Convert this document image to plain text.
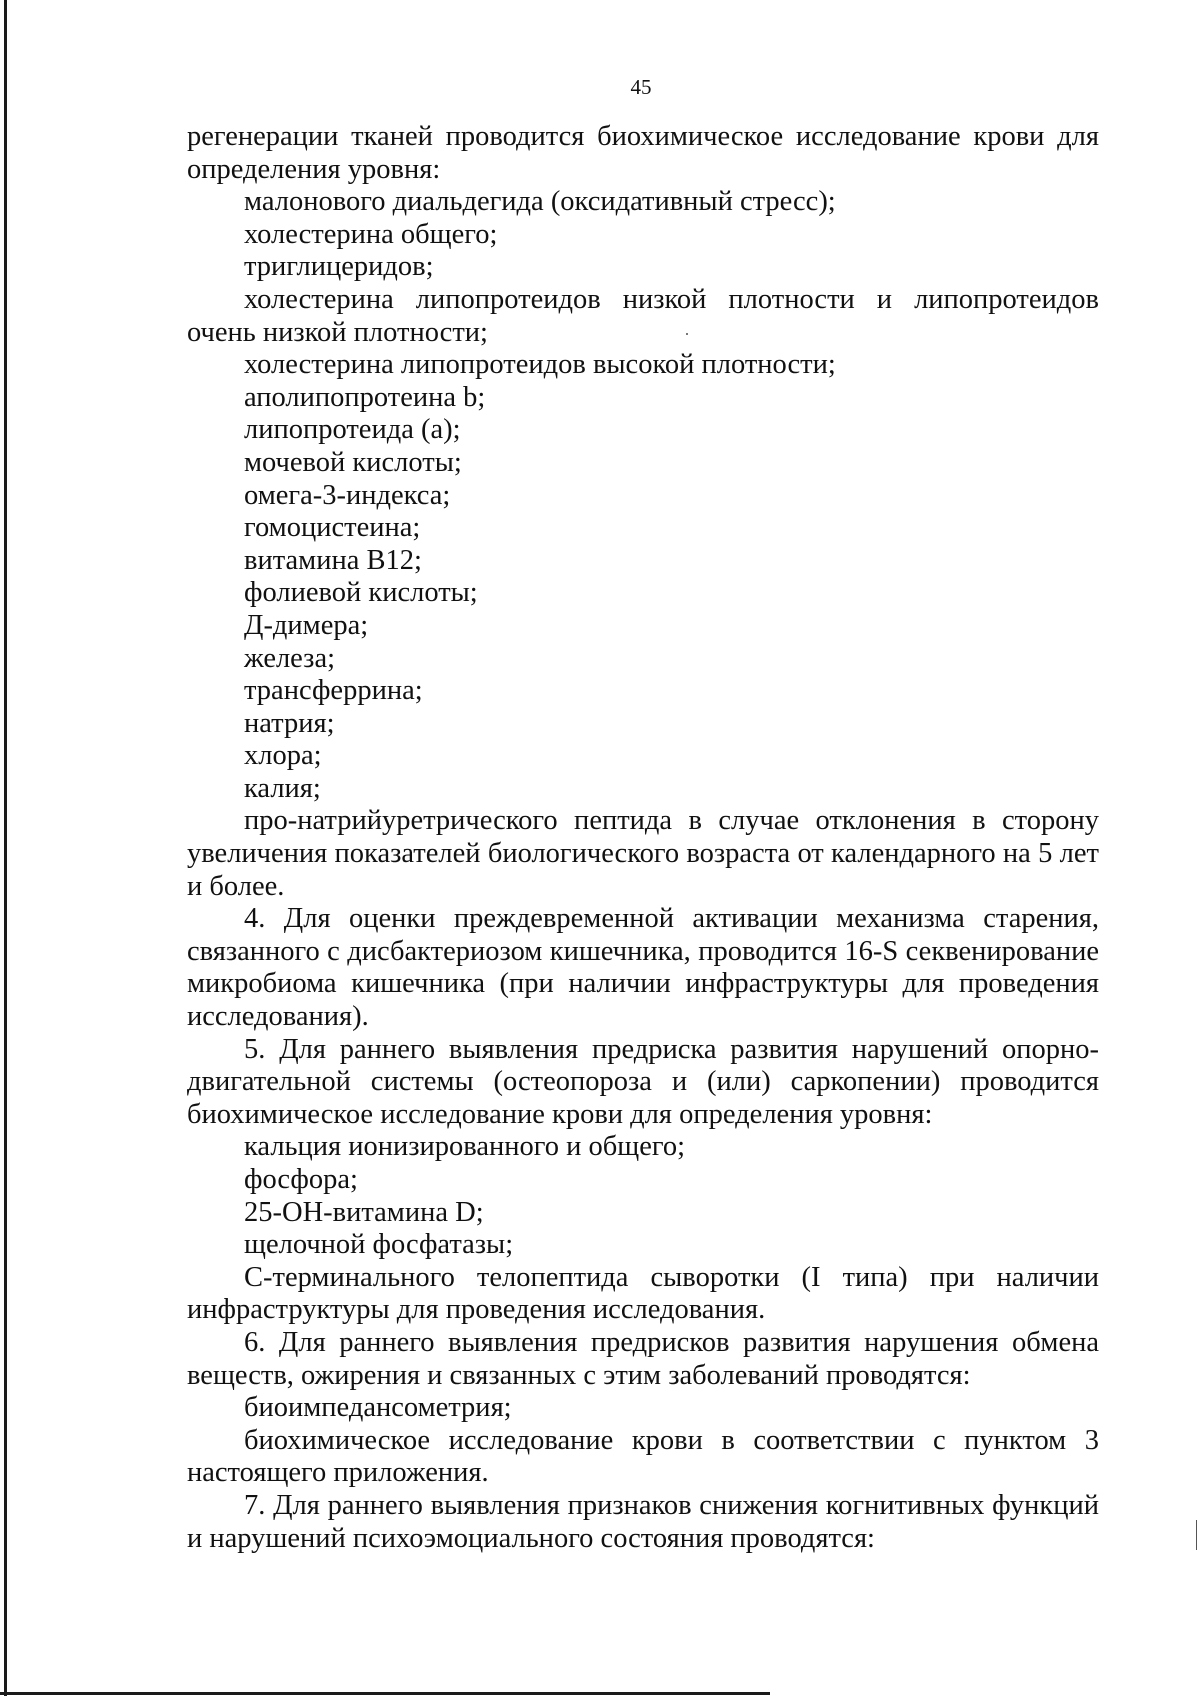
45

регенерации тканей проводится биохимическое исследование крови для определения уровня:

малонового диальдегида (оксидативный стресс);

холестерина общего;

триглицеридов;

холестерина липопротеидов низкой плотности и липопротеидов очень низкой плотности;

холестерина липопротеидов высокой плотности;

аполипопротеина b;

липопротеида (а);

мочевой кислоты;

омега-3-индекса;

гомоцистеина;

витамина В12;

фолиевой кислоты;

Д-димера;

железа;

трансферрина;

натрия;

хлора;

калия;

про-натрийуретрического пептида в случае отклонения в сторону увеличения показателей биологического возраста от календарного на 5 лет и более.

4. Для оценки преждевременной активации механизма старения, связанного с дисбактериозом кишечника, проводится 16-S секвенирование микробиома кишечника (при наличии инфраструктуры для проведения исследования).

5. Для раннего выявления предриска развития нарушений опорно-двигательной системы (остеопороза и (или) саркопении) проводится биохимическое исследование крови для определения уровня:

кальция ионизированного и общего;

фосфора;

25-ОН-витамина D;

щелочной фосфатазы;

С-терминального телопептида сыворотки (I типа) при наличии инфраструктуры для проведения исследования.

6. Для раннего выявления предрисков развития нарушения обмена веществ, ожирения и связанных с этим заболеваний проводятся:

биоимпедансометрия;

биохимическое исследование крови в соответствии с пунктом 3 настоящего приложения.

7. Для раннего выявления признаков снижения когнитивных функций и нарушений психоэмоциального состояния проводятся:
